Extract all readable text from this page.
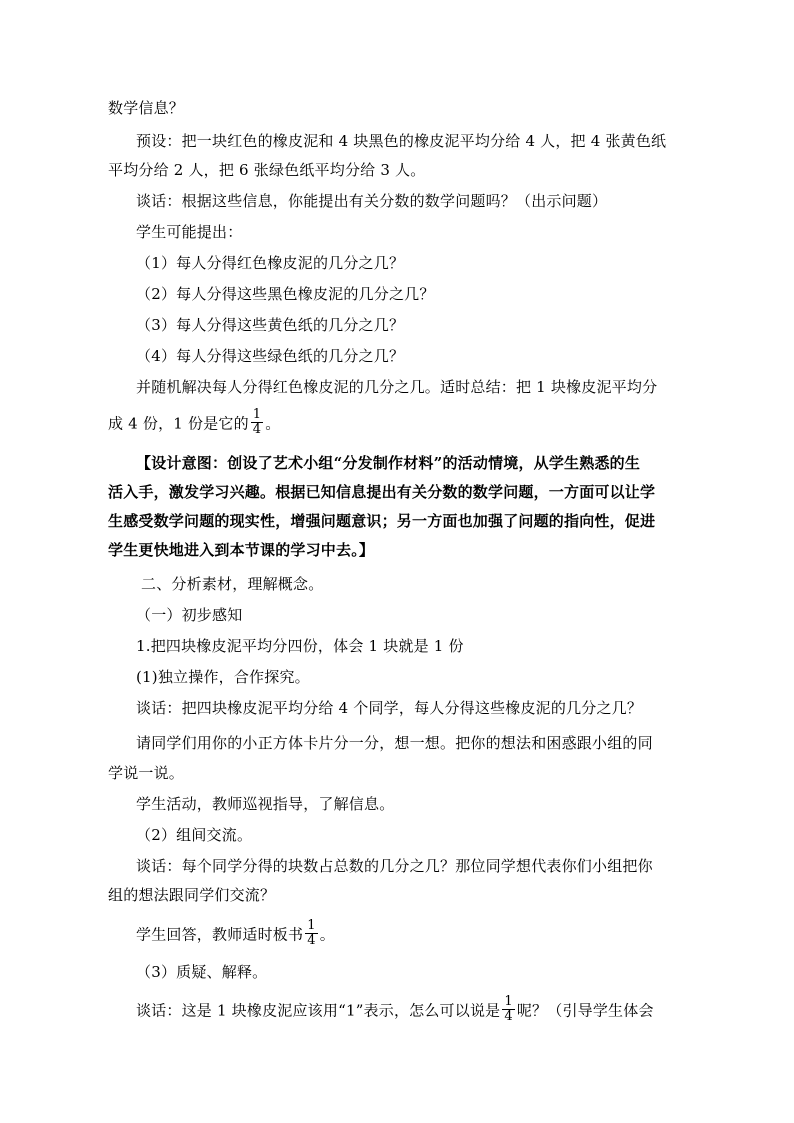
数学信息？
预设：把一块红色的橡皮泥和 4 块黑色的橡皮泥平均分给 4 人，把 4 张黄色纸
平均分给 2 人，把 6 张绿色纸平均分给 3 人。
谈话：根据这些信息，你能提出有关分数的数学问题吗？（出示问题）
学生可能提出：
（1）每人分得红色橡皮泥的几分之几？
（2）每人分得这些黑色橡皮泥的几分之几？
（3）每人分得这些黄色纸的几分之几？
（4）每人分得这些绿色纸的几分之几？
并随机解决每人分得红色橡皮泥的几分之几。适时总结：把 1 块橡皮泥平均分
成 4 份，1 份是它的 $\frac{1}{4}$ 。
【设计意图：创设了艺术小组“分发制作材料”的活动情境，从学生熟悉的生
活入手，激发学习兴趣。根据已知信息提出有关分数的数学问题，一方面可以让学
生感受数学问题的现实性，增强问题意识；另一方面也加强了问题的指向性，促进
学生更快地进入到本节课的学习中去。】
二、分析素材，理解概念。
（一）初步感知
1.把四块橡皮泥平均分四份，体会 1 块就是 1 份
(1)独立操作，合作探究。
谈话：把四块橡皮泥平均分给 4 个同学，每人分得这些橡皮泥的几分之几？
请同学们用你的小正方体卡片分一分，想一想。把你的想法和困惑跟小组的同
学说一说。
学生活动，教师巡视指导，了解信息。
（2）组间交流。
谈话：每个同学分得的块数占总数的几分之几？那位同学想代表你们小组把你
组的想法跟同学们交流？
学生回答，教师适时板书 $\frac{1}{4}$ 。
（3）质疑、解释。
谈话：这是 1 块橡皮泥应该用“1”表示，怎么可以说是 $\frac{1}{4}$ 呢？（引导学生体会
